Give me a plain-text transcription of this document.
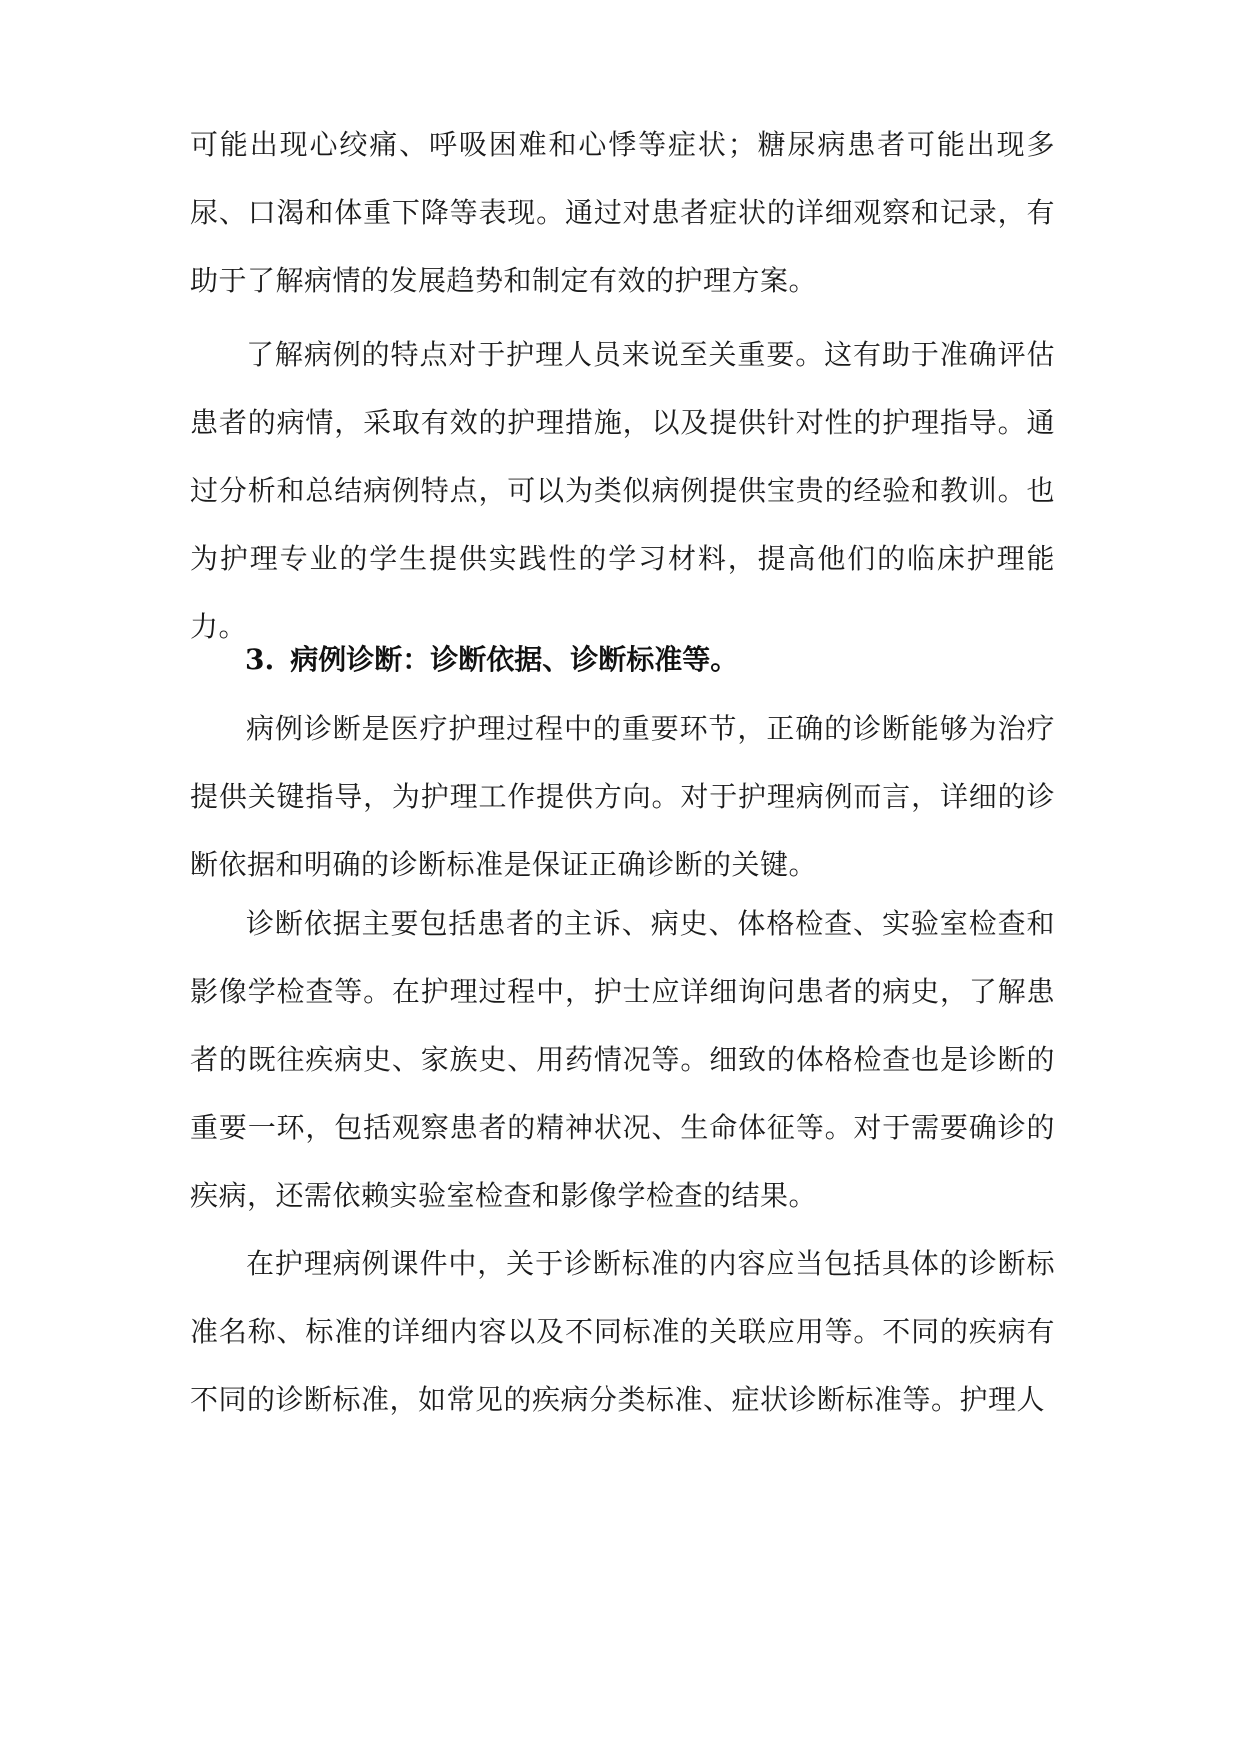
可能出现心绞痛、呼吸困难和心悸等症状；糖尿病患者可能出现多尿、口渴和体重下降等表现。通过对患者症状的详细观察和记录，有助于了解病情的发展趋势和制定有效的护理方案。

了解病例的特点对于护理人员来说至关重要。这有助于准确评估患者的病情，采取有效的护理措施，以及提供针对性的护理指导。通过分析和总结病例特点，可以为类似病例提供宝贵的经验和教训。也为护理专业的学生提供实践性的学习材料，提高他们的临床护理能力。

3. 病例诊断：诊断依据、诊断标准等。

病例诊断是医疗护理过程中的重要环节，正确的诊断能够为治疗提供关键指导，为护理工作提供方向。对于护理病例而言，详细的诊断依据和明确的诊断标准是保证正确诊断的关键。

诊断依据主要包括患者的主诉、病史、体格检查、实验室检查和影像学检查等。在护理过程中，护士应详细询问患者的病史，了解患者的既往疾病史、家族史、用药情况等。细致的体格检查也是诊断的重要一环，包括观察患者的精神状况、生命体征等。对于需要确诊的疾病，还需依赖实验室检查和影像学检查的结果。

在护理病例课件中，关于诊断标准的内容应当包括具体的诊断标准名称、标准的详细内容以及不同标准的关联应用等。不同的疾病有不同的诊断标准，如常见的疾病分类标准、症状诊断标准等。护理人
